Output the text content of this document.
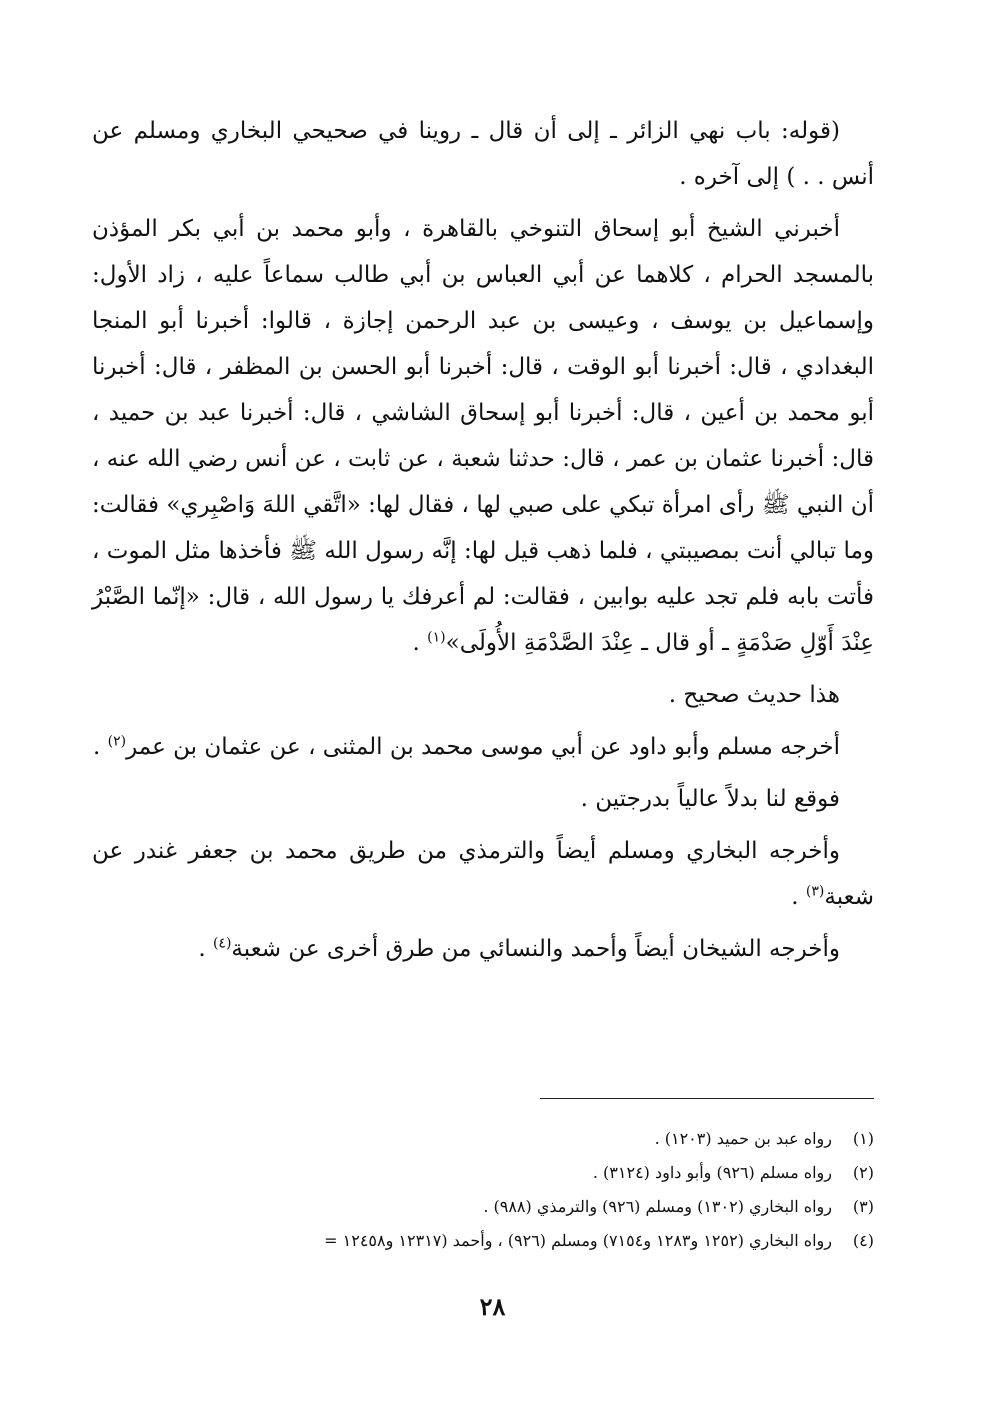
(قوله: باب نهي الزائر ـ إلى أن قال ـ روينا في صحيحي البخاري ومسلم عن أنس . . ) إلى آخره .

أخبرني الشيخ أبو إسحاق التنوخي بالقاهرة ، وأبو محمد بن أبي بكر المؤذن بالمسجد الحرام ، كلاهما عن أبي العباس بن أبي طالب سماعاً عليه ، زاد الأول: وإسماعيل بن يوسف ، وعيسى بن عبد الرحمن إجازة ، قالوا: أخبرنا أبو المنجا البغدادي ، قال: أخبرنا أبو الوقت ، قال: أخبرنا أبو الحسن بن المظفر ، قال: أخبرنا أبو محمد بن أعين ، قال: أخبرنا أبو إسحاق الشاشي ، قال: أخبرنا عبد بن حميد ، قال: أخبرنا عثمان بن عمر ، قال: حدثنا شعبة ، عن ثابت ، عن أنس رضي الله عنه ، أن النبي ﷺ رأى امرأة تبكي على صبي لها ، فقال لها: «اتَّقي اللهَ وَاصْبِري» فقالت: وما تبالي أنت بمصيبتي ، فلما ذهب قيل لها: إنَّه رسول الله ﷺ فأخذها مثل الموت ، فأتت بابه فلم تجد عليه بوابين ، فقالت: لم أعرفك يا رسول الله ، قال: «إنّما الصَّبْرُ عِنْدَ أَوّلِ صَدْمَةٍ ـ أو قال ـ عِنْدَ الصَّدْمَةِ الأُولَى»$^{(١)}$ .

هذا حديث صحيح .

أخرجه مسلم وأبو داود عن أبي موسى محمد بن المثنى ، عن عثمان بن عمر$^{(٢)}$ .

فوقع لنا بدلاً عالياً بدرجتين .

وأخرجه البخاري ومسلم أيضاً والترمذي من طريق محمد بن جعفر غندر عن شعبة$^{(٣)}$ .

وأخرجه الشيخان أيضاً وأحمد والنسائي من طرق أخرى عن شعبة$^{(٤)}$ .

(١)
رواه عبد بن حميد (١٢٠٣) .
(٢)
رواه مسلم (٩٢٦) وأبو داود (٣١٢٤) .
(٣)
رواه البخاري (١٣٠٢) ومسلم (٩٢٦) والترمذي (٩٨٨) .
(٤)
رواه البخاري (١٢٥٢ و١٢٨٣ و٧١٥٤) ومسلم (٩٢٦) ، وأحمد (١٢٣١٧ و١٢٤٥٨ =
٢٨
